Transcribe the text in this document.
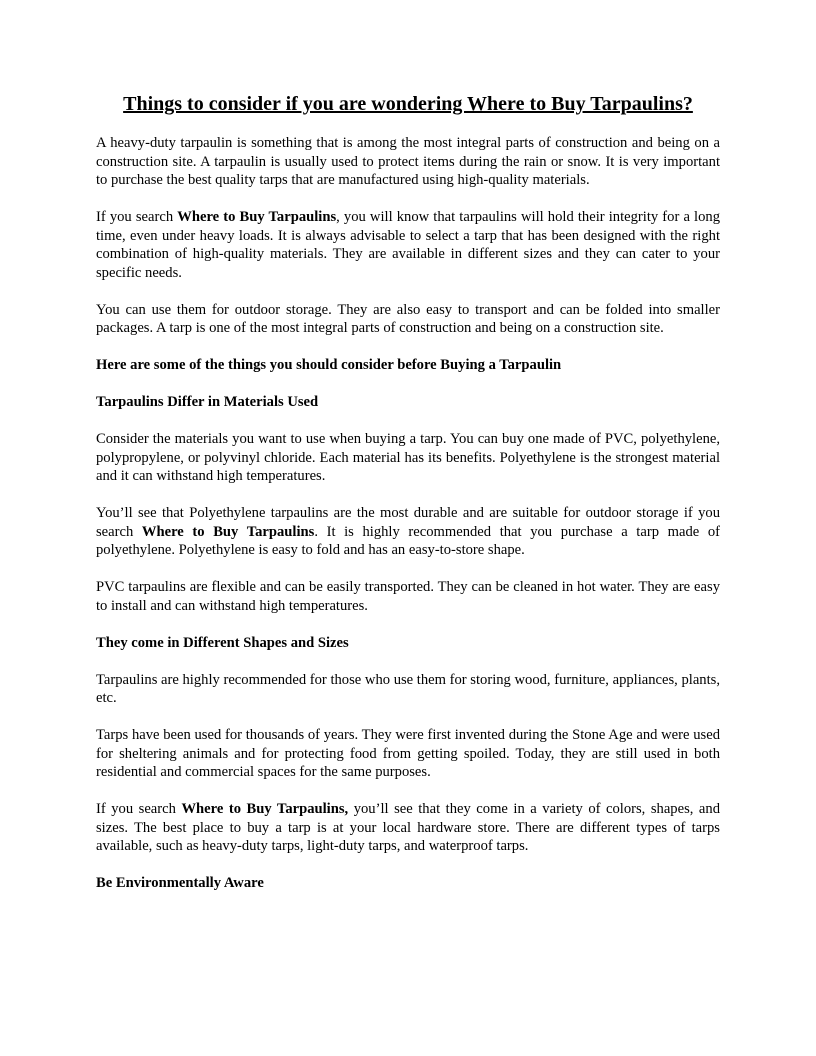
Things to consider if you are wondering Where to Buy Tarpaulins?

A heavy-duty tarpaulin is something that is among the most integral parts of construction and being on a construction site. A tarpaulin is usually used to protect items during the rain or snow. It is very important to purchase the best quality tarps that are manufactured using high-quality materials.

If you search Where to Buy Tarpaulins, you will know that tarpaulins will hold their integrity for a long time, even under heavy loads. It is always advisable to select a tarp that has been designed with the right combination of high-quality materials. They are available in different sizes and they can cater to your specific needs.

You can use them for outdoor storage. They are also easy to transport and can be folded into smaller packages. A tarp is one of the most integral parts of construction and being on a construction site.

Here are some of the things you should consider before Buying a Tarpaulin

Tarpaulins Differ in Materials Used

Consider the materials you want to use when buying a tarp. You can buy one made of PVC, polyethylene, polypropylene, or polyvinyl chloride. Each material has its benefits. Polyethylene is the strongest material and it can withstand high temperatures.

You’ll see that Polyethylene tarpaulins are the most durable and are suitable for outdoor storage if you search Where to Buy Tarpaulins. It is highly recommended that you purchase a tarp made of polyethylene. Polyethylene is easy to fold and has an easy-to-store shape.

PVC tarpaulins are flexible and can be easily transported. They can be cleaned in hot water. They are easy to install and can withstand high temperatures.

They come in Different Shapes and Sizes

Tarpaulins are highly recommended for those who use them for storing wood, furniture, appliances, plants, etc.

Tarps have been used for thousands of years. They were first invented during the Stone Age and were used for sheltering animals and for protecting food from getting spoiled. Today, they are still used in both residential and commercial spaces for the same purposes.

If you search Where to Buy Tarpaulins, you’ll see that they come in a variety of colors, shapes, and sizes. The best place to buy a tarp is at your local hardware store. There are different types of tarps available, such as heavy-duty tarps, light-duty tarps, and waterproof tarps.

Be Environmentally Aware
